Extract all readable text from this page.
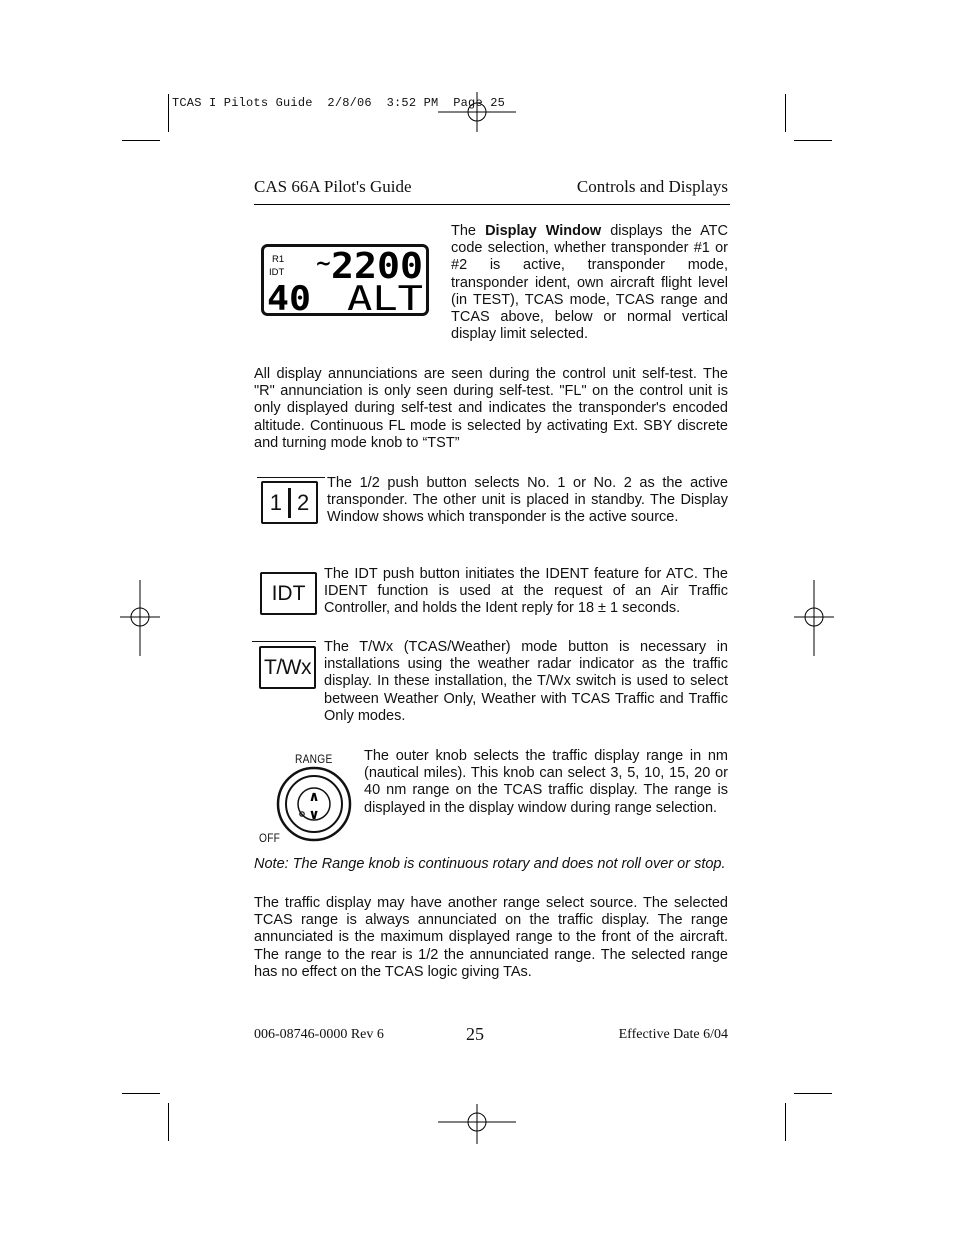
TCAS I Pilots Guide  2/8/06  3:52 PM  Page 25
CAS 66A Pilot's Guide	Controls and Displays
R1
IDT ~ 2200
40 ALT

The Display Window displays the ATC code selection, whether transponder #1 or #2 is active, transponder mode, transponder ident, own aircraft flight level (in TEST), TCAS mode, TCAS range and TCAS above, below or normal vertical display limit selected.

All display annunciations are seen during the control unit self-test. The "R" annunciation is only seen during self-test. "FL" on the control unit is only displayed during self-test and indicates the transponder's encoded altitude. Continuous FL mode is selected by activating Ext. SBY discrete and turning mode knob to “TST”

1 2

The 1/2 push button selects No. 1 or No. 2 as the active transponder. The other unit is placed in standby. The Display Window shows which transponder is the active source.

IDT

The IDT push button initiates the IDENT feature for ATC. The IDENT function is used at the request of an Air Traffic Controller, and holds the Ident reply for 18 ± 1 seconds.

T/Wx

The T/Wx (TCAS/Weather) mode button is necessary in installations using the weather radar indicator as the traffic display. In these installation, the T/Wx switch is used to select between Weather Only, Weather with TCAS Traffic and Traffic Only modes.

RANGE
OFF
∧
∨

The outer knob selects the traffic display range in nm (nautical miles). This knob can select 3, 5, 10, 15, 20 or 40 nm range on the TCAS traffic display. The range is displayed in the display window during range selection.

Note: The Range knob is continuous rotary and does not roll over or stop.

The traffic display may have another range select source. The selected TCAS range is always annunciated on the traffic display. The range annunciated is the maximum displayed range to the front of the aircraft. The range to the rear is 1/2 the annunciated range. The selected range has no effect on the TCAS logic giving TAs.

006-08746-0000 Rev 6	25	Effective Date 6/04
